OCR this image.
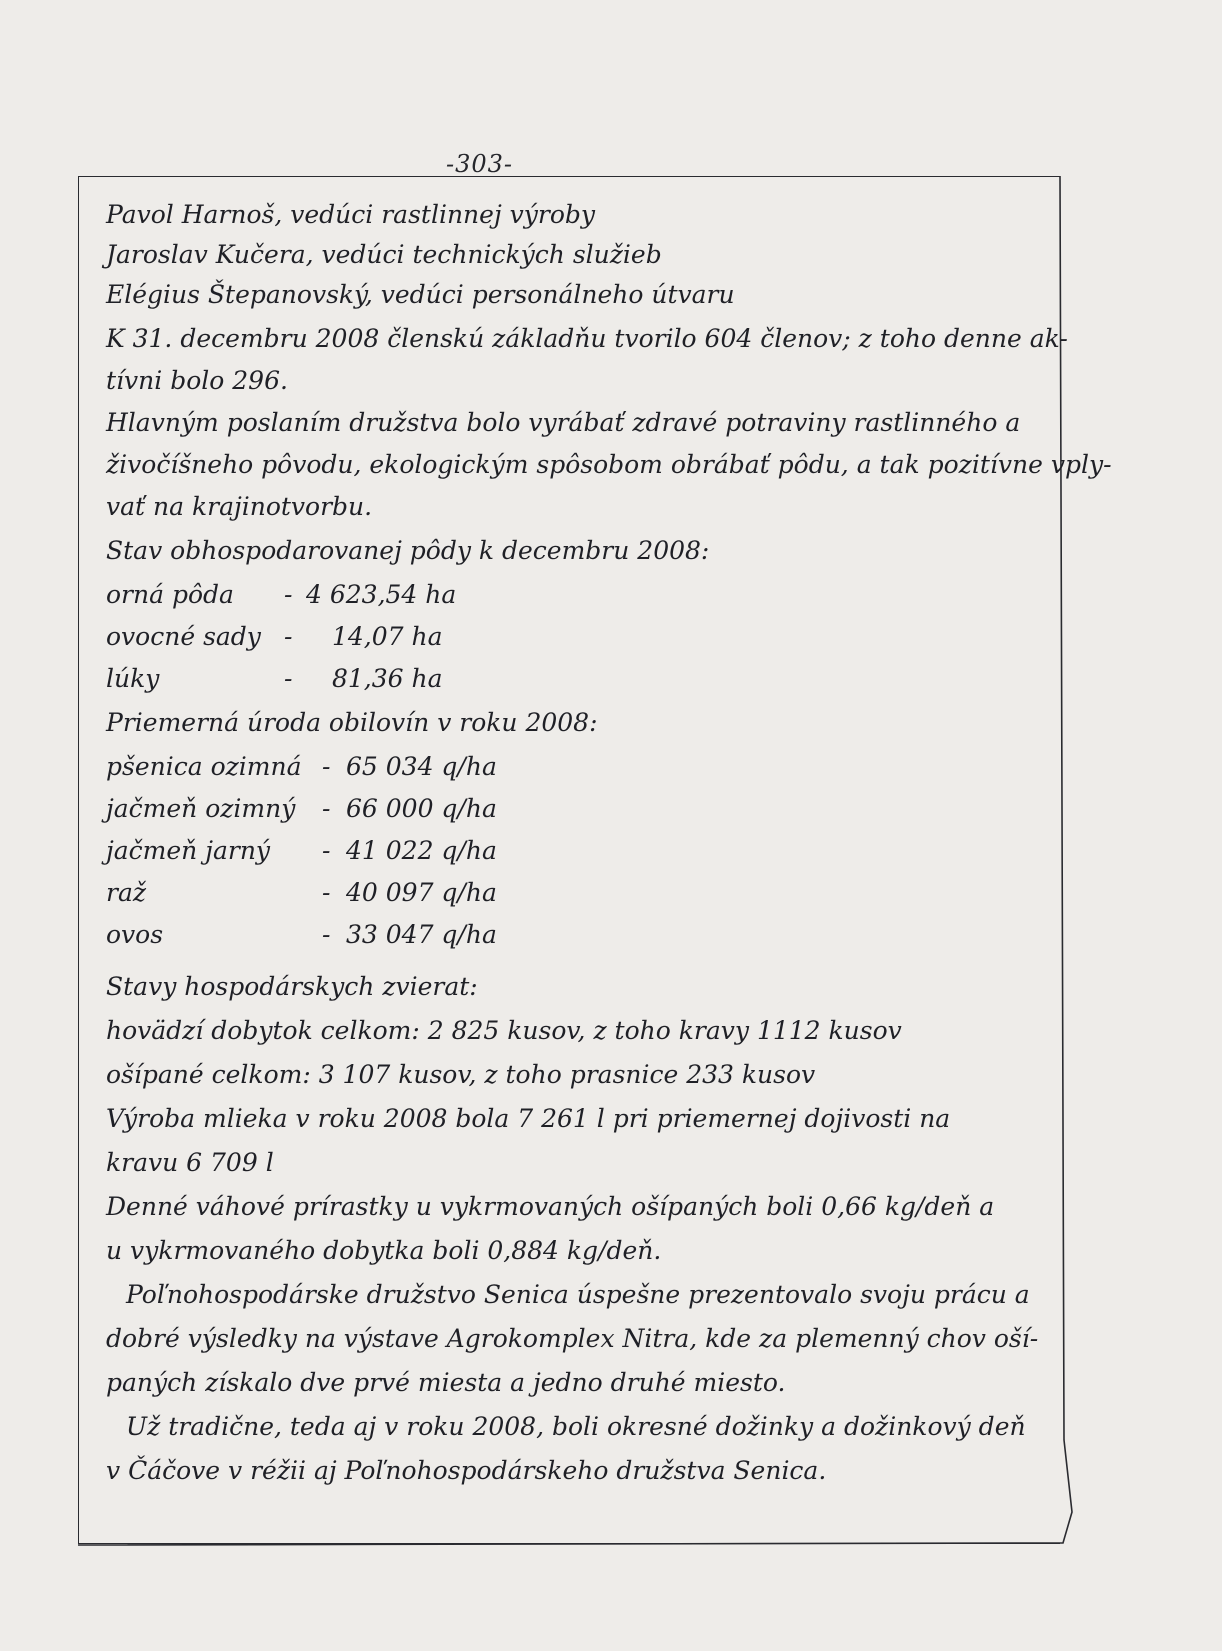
-303-
Pavol Harnoš, vedúci rastlinnej výroby
Jaroslav Kučera, vedúci technických služieb
Elégius Štepanovský, vedúci personálneho útvaru
K 31. decembru 2008 členskú základňu tvorilo 604 členov; z toho denne ak-
tívni bolo 296.
Hlavným poslaním družstva bolo vyrábať zdravé potraviny rastlinného a
živočíšneho pôvodu, ekologickým spôsobom obrábať pôdu, a tak pozitívne vply-
vať na krajinotvorbu.
Stav obhospodarovanej pôdy k decembru 2008:
orná pôda - 4 623,54 ha
ovocné sady - 14,07 ha
lúky	- 81,36 ha
Priemerná úroda obilovín v roku 2008:
pšenica ozimná - 65 034 q/ha
jačmeň ozimný - 66 000 q/ha
jačmeň jarný - 41 022 q/ha
raž	- 40 097 q/ha
ovos	- 33 047 q/ha
Stavy hospodárskych zvierat:
hovädzí dobytok celkom: 2 825 kusov, z toho kravy 1112 kusov
ošípané celkom: 3 107 kusov, z toho prasnice 233 kusov
Výroba mlieka v roku 2008 bola 7 261 l pri priemernej dojivosti na
kravu 6 709 l
Denné váhové prírastky u vykrmovaných ošípaných boli 0,66 kg/deň a
u vykrmovaného dobytka boli 0,884 kg/deň.
Poľnohospodárske družstvo Senica úspešne prezentovalo svoju prácu a
dobré výsledky na výstave Agrokomplex Nitra, kde za plemenný chov oší-
paných získalo dve prvé miesta a jedno druhé miesto.
Už tradične, teda aj v roku 2008, boli okresné dožinky a dožinkový deň
v Čáčove v réžii aj Poľnohospodárskeho družstva Senica.
